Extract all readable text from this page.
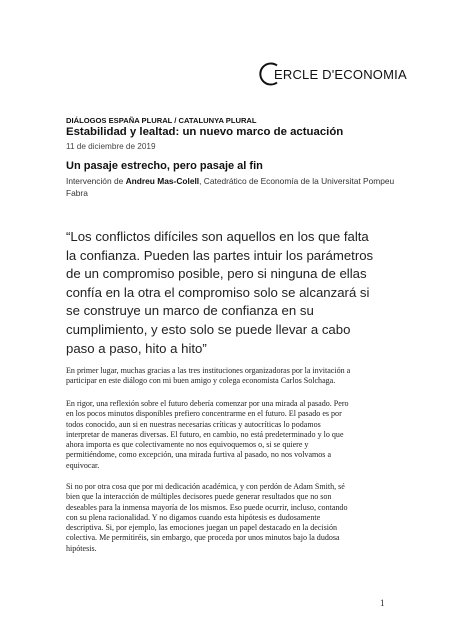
ERCLE D'ECONOMIA
DIÁLOGOS ESPAÑA PLURAL / CATALUNYA PLURAL
Estabilidad y lealtad: un nuevo marco de actuación
11 de diciembre de 2019
Un pasaje estrecho, pero pasaje al fin
Intervención de Andreu Mas-Colell, Catedrático de Economía de la Universitat Pompeu Fabra
“Los conflictos difíciles son aquellos en los que falta
la confianza. Pueden las partes intuir los parámetros
de un compromiso posible, pero si ninguna de ellas
confía en la otra el compromiso solo se alcanzará si
se construye un marco de confianza en su
cumplimiento, y esto solo se puede llevar a cabo
paso a paso, hito a hito”
En primer lugar, muchas gracias a las tres instituciones organizadoras por la invitación a
participar en este diálogo con mi buen amigo y colega economista Carlos Solchaga.
En rigor, una reflexión sobre el futuro debería comenzar por una mirada al pasado. Pero
en los pocos minutos disponibles prefiero concentrarme en el futuro. El pasado es por
todos conocido, aun si en nuestras necesarias críticas y autocríticas lo podamos
interpretar de maneras diversas. El futuro, en cambio, no está predeterminado y lo que
ahora importa es que colectivamente no nos equivoquemos o, si se quiere y
permitiéndome, como excepción, una mirada furtiva al pasado, no nos volvamos a
equivocar.
Si no por otra cosa que por mi dedicación académica, y con perdón de Adam Smith, sé
bien que la interacción de múltiples decisores puede generar resultados que no son
deseables para la inmensa mayoría de los mismos. Eso puede ocurrir, incluso, contando
con su plena racionalidad. Y no digamos cuando esta hipótesis es dudosamente
descriptiva. Si, por ejemplo, las emociones juegan un papel destacado en la decisión
colectiva. Me permitiréis, sin embargo, que proceda por unos minutos bajo la dudosa
hipótesis.
1
